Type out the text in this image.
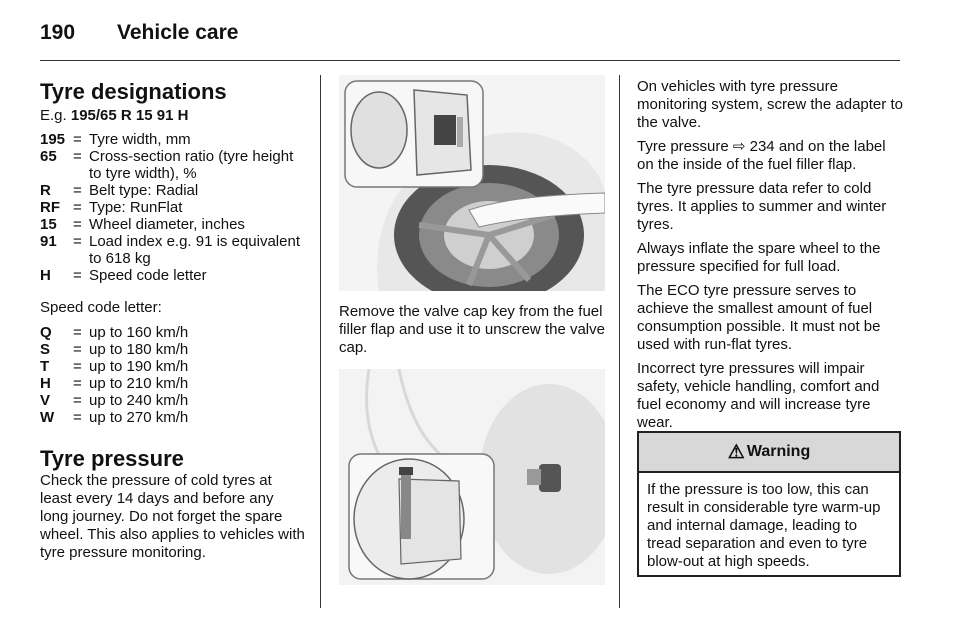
190	Vehicle care
Tyre designations
E.g. 195/65 R 15 91 H
195	=	Tyre width, mm
65	=	Cross-section ratio (tyre height to tyre width), %
R	=	Belt type: Radial
RF	=	Type: RunFlat
15	=	Wheel diameter, inches
91	=	Load index e.g. 91 is equivalent to 618 kg
H	=	Speed code letter
Speed code letter:
Q	=	up to 160 km/h
S	=	up to 180 km/h
T	=	up to 190 km/h
H	=	up to 210 km/h
V	=	up to 240 km/h
W	=	up to 270 km/h
Tyre pressure
Check the pressure of cold tyres at least every 14 days and before any long journey. Do not forget the spare wheel. This also applies to vehicles with tyre pressure monitoring.
Remove the valve cap key from the fuel filler flap and use it to unscrew the valve cap.
On vehicles with tyre pressure monitoring system, screw the adapter to the valve.
Tyre pressure ⇨ 234 and on the label on the inside of the fuel filler flap.
The tyre pressure data refer to cold tyres. It applies to summer and winter tyres.
Always inflate the spare wheel to the pressure specified for full load.
The ECO tyre pressure serves to achieve the smallest amount of fuel consumption possible. It must not be used with run-flat tyres.
Incorrect tyre pressures will impair safety, vehicle handling, comfort and fuel economy and will increase tyre wear.
⚠ Warning
If the pressure is too low, this can result in considerable tyre warm-up and internal damage, leading to tread separation and even to tyre blow-out at high speeds.
